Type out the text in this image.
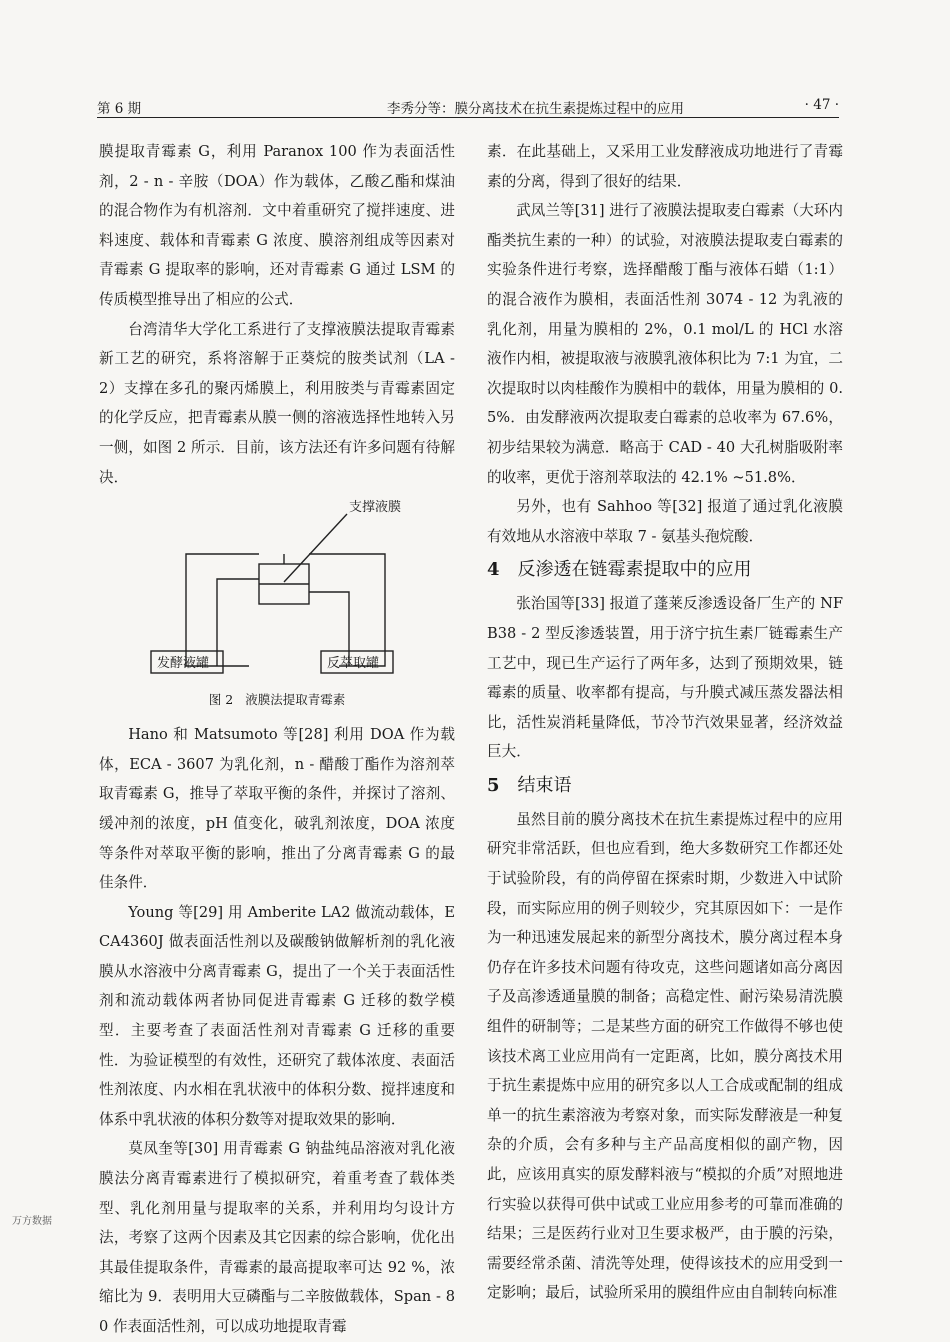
第 6 期	李秀分等：膜分离技术在抗生素提炼过程中的应用	· 47 ·

膜提取青霉素 G，利用 Paranox 100 作为表面活性剂，2 - n - 辛胺（DOA）作为载体，乙酸乙酯和煤油的混合物作为有机溶剂．文中着重研究了搅拌速度、进料速度、载体和青霉素 G 浓度、膜溶剂组成等因素对青霉素 G 提取率的影响，还对青霉素 G 通过 LSM 的传质模型推导出了相应的公式．

台湾清华大学化工系进行了支撑液膜法提取青霉素新工艺的研究，系将溶解于正葵烷的胺类试剂（LA - 2）支撑在多孔的聚丙烯膜上，利用胺类与青霉素固定的化学反应，把青霉素从膜一侧的溶液选择性地转入另一侧，如图 2 所示．目前，该方法还有许多问题有待解决．

支撑液膜
发酵液罐	反萃取罐
图 2 液膜法提取青霉素

Hano 和 Matsumoto 等[28] 利用 DOA 作为载体，ECA - 3607 为乳化剂，n - 醋酸丁酯作为溶剂萃取青霉素 G，推导了萃取平衡的条件，并探讨了溶剂、缓冲剂的浓度，pH 值变化，破乳剂浓度，DOA 浓度等条件对萃取平衡的影响，推出了分离青霉素 G 的最佳条件．

Young 等[29] 用 Amberite LA2 做流动载体，ECA4360J 做表面活性剂以及碳酸钠做解析剂的乳化液膜从水溶液中分离青霉素 G，提出了一个关于表面活性剂和流动载体两者协同促进青霉素 G 迁移的数学模型．主要考查了表面活性剂对青霉素 G 迁移的重要性．为验证模型的有效性，还研究了载体浓度、表面活性剂浓度、内水相在乳状液中的体积分数、搅拌速度和体系中乳状液的体积分数等对提取效果的影响．

莫凤奎等[30] 用青霉素 G 钠盐纯品溶液对乳化液膜法分离青霉素进行了模拟研究，着重考查了载体类型、乳化剂用量与提取率的关系，并利用均匀设计方法，考察了这两个因素及其它因素的综合影响，优化出其最佳提取条件，青霉素的最高提取率可达 92 %，浓缩比为 9．表明用大豆磷酯与二辛胺做载体，Span - 80 作表面活性剂，可以成功地提取青霉

素．在此基础上，又采用工业发酵液成功地进行了青霉素的分离，得到了很好的结果．

武凤兰等[31] 进行了液膜法提取麦白霉素（大环内酯类抗生素的一种）的试验，对液膜法提取麦白霉素的实验条件进行考察，选择醋酸丁酯与液体石蜡（1:1）的混合液作为膜相，表面活性剂 3074 - 12 为乳液的乳化剂，用量为膜相的 2%，0.1 mol/L 的 HCl 水溶液作内相，被提取液与液膜乳液体积比为 7:1 为宜，二次提取时以肉桂酸作为膜相中的载体，用量为膜相的 0.5%．由发酵液两次提取麦白霉素的总收率为 67.6%，初步结果较为满意．略高于 CAD - 40 大孔树脂吸附率的收率，更优于溶剂萃取法的 42.1% ~51.8%．

另外，也有 Sahhoo 等[32] 报道了通过乳化液膜有效地从水溶液中萃取 7 - 氨基头孢烷酸．

4 反渗透在链霉素提取中的应用

张治国等[33] 报道了蓬莱反渗透设备厂生产的 NFB38 - 2 型反渗透装置，用于济宁抗生素厂链霉素生产工艺中，现已生产运行了两年多，达到了预期效果，链霉素的质量、收率都有提高，与升膜式减压蒸发器法相比，活性炭消耗量降低，节冷节汽效果显著，经济效益巨大．

5 结束语

虽然目前的膜分离技术在抗生素提炼过程中的应用研究非常活跃，但也应看到，绝大多数研究工作都还处于试验阶段，有的尚停留在探索时期，少数进入中试阶段，而实际应用的例子则较少，究其原因如下：一是作为一种迅速发展起来的新型分离技术，膜分离过程本身仍存在许多技术问题有待攻克，这些问题诸如高分离因子及高渗透通量膜的制备；高稳定性、耐污染易清洗膜组件的研制等；二是某些方面的研究工作做得不够也使该技术离工业应用尚有一定距离，比如，膜分离技术用于抗生素提炼中应用的研究多以人工合成或配制的组成单一的抗生素溶液为考察对象，而实际发酵液是一种复杂的介质，会有多种与主产品高度相似的副产物，因此，应该用真实的原发酵料液与“模拟的介质”对照地进行实验以获得可供中试或工业应用参考的可靠而准确的结果；三是医药行业对卫生要求极严，由于膜的污染，需要经常杀菌、清洗等处理，使得该技术的应用受到一定影响；最后，试验所采用的膜组件应由自制转向标准

万方数据
